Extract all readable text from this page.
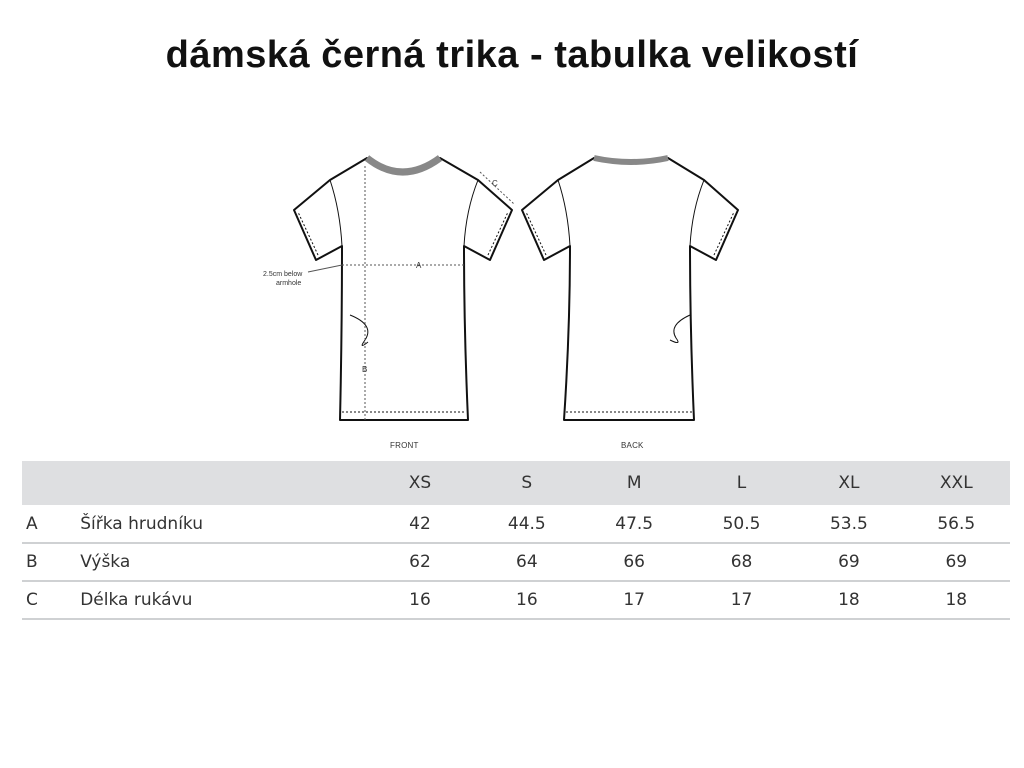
dámská černá trika - tabulka velikostí
A
B
C
2.5cm below
armhole
FRONT	BACK
		XS	S	M	L	XL	XXL
A	Šířka hrudníku	42	44.5	47.5	50.5	53.5	56.5
B	Výška	62	64	66	68	69	69
C	Délka rukávu	16	16	17	17	18	18
